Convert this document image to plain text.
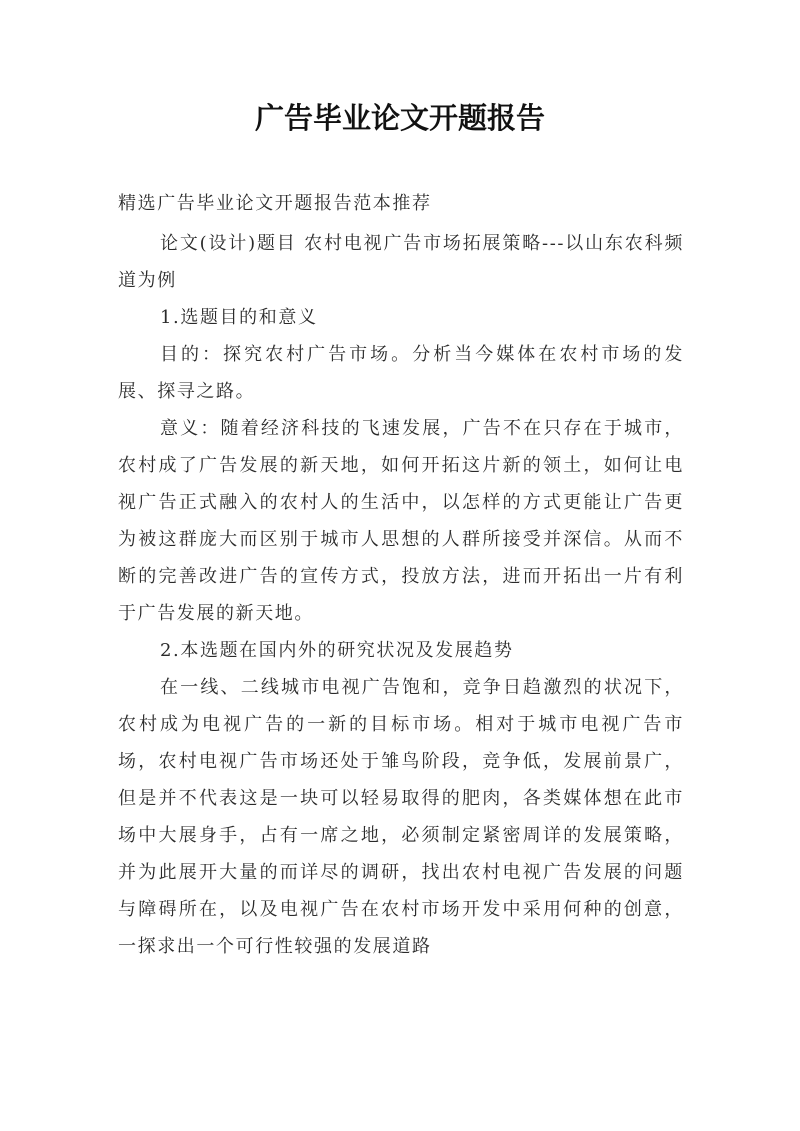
广告毕业论文开题报告

精选广告毕业论文开题报告范本推荐

论文(设计)题目 农村电视广告市场拓展策略---以山东农科频道为例

1.选题目的和意义

目的：探究农村广告市场。分析当今媒体在农村市场的发展、探寻之路。

意义：随着经济科技的飞速发展，广告不在只存在于城市，农村成了广告发展的新天地，如何开拓这片新的领土，如何让电视广告正式融入的农村人的生活中，以怎样的方式更能让广告更为被这群庞大而区别于城市人思想的人群所接受并深信。从而不断的完善改进广告的宣传方式，投放方法，进而开拓出一片有利于广告发展的新天地。

2.本选题在国内外的研究状况及发展趋势

在一线、二线城市电视广告饱和，竞争日趋激烈的状况下，农村成为电视广告的一新的目标市场。相对于城市电视广告市场，农村电视广告市场还处于雏鸟阶段，竞争低，发展前景广，但是并不代表这是一块可以轻易取得的肥肉，各类媒体想在此市场中大展身手，占有一席之地，必须制定紧密周详的发展策略，并为此展开大量的而详尽的调研，找出农村电视广告发展的问题与障碍所在，以及电视广告在农村市场开发中采用何种的创意，一探求出一个可行性较强的发展道路
